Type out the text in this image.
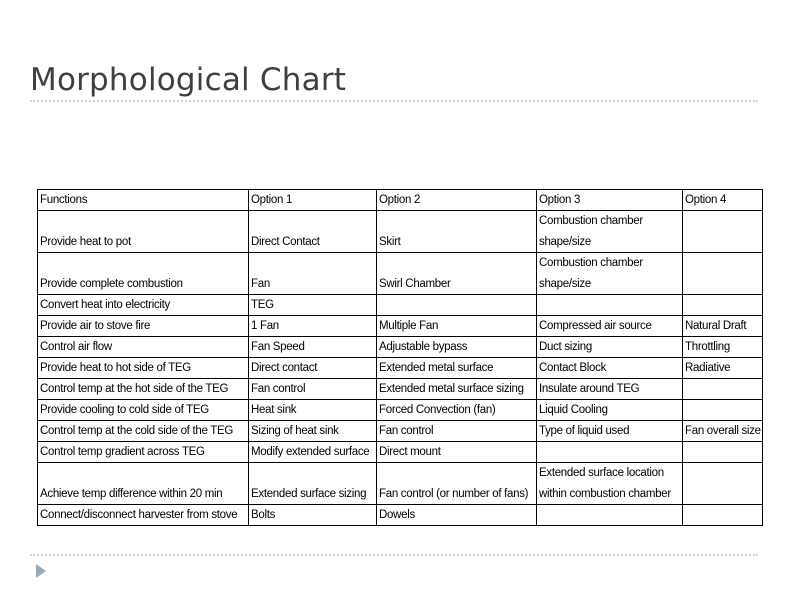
Morphological Chart
Functions	Option 1	Option 2	Option 3	Option 4
Provide heat to pot	Direct Contact	Skirt	Combustion chamber shape/size	
Provide complete combustion	Fan	Swirl Chamber	Combustion chamber shape/size	
Convert heat into electricity	TEG			
Provide air to stove fire	1 Fan	Multiple Fan	Compressed air source	Natural Draft
Control air flow	Fan Speed	Adjustable bypass	Duct sizing	Throttling
Provide heat to hot side of TEG	Direct contact	Extended metal surface	Contact Block	Radiative
Control temp at the hot side of the TEG	Fan control	Extended metal surface sizing	Insulate around TEG	
Provide cooling to cold side of TEG	Heat sink	Forced Convection (fan)	Liquid Cooling	
Control temp at the cold side of the TEG	Sizing of heat sink	Fan control	Type of liquid used	Fan overall size
Control temp gradient across TEG	Modify extended surface	Direct mount		
Achieve temp difference within 20 min	Extended surface sizing	Fan control (or number of fans)	Extended surface location within combustion chamber	
Connect/disconnect harvester from stove	Bolts	Dowels		
